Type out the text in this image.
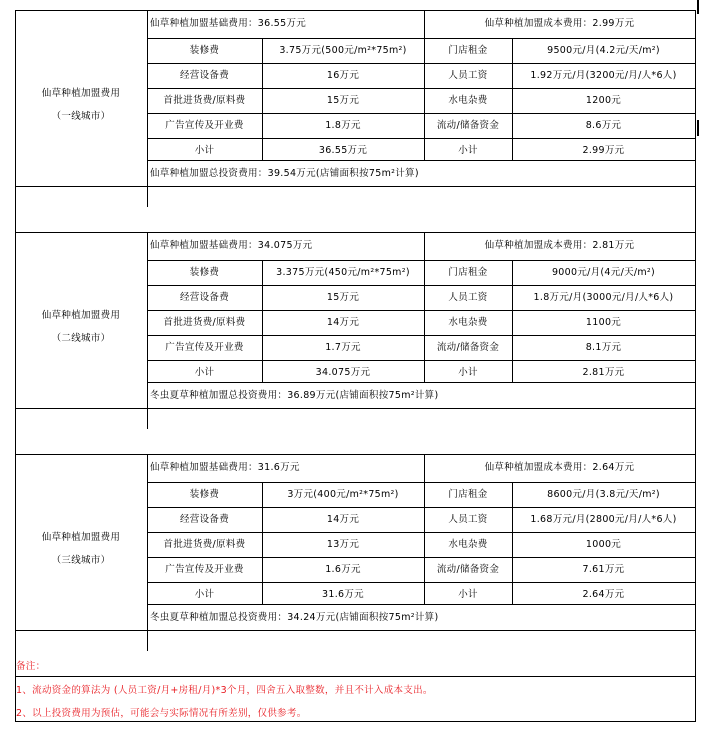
仙草种植加盟费用
（一线城市）
仙草种植加盟基础费用：36.55万元	仙草种植加盟成本费用：2.99万元
装修费	3.75万元(500元/m²*75m²)	门店租金	9500元/月(4.2元/天/m²)
经营设备费	16万元	人员工资	1.92万元/月(3200元/月/人*6人)
首批进货费/原料费	15万元	水电杂费	1200元
广告宣传及开业费	1.8万元	流动/储备资金	8.6万元
小计	36.55万元	小计	2.99万元
仙草种植加盟总投资费用：39.54万元(店铺面积按75m²计算)
仙草种植加盟费用
（二线城市）
仙草种植加盟基础费用：34.075万元	仙草种植加盟成本费用：2.81万元
装修费	3.375万元(450元/m²*75m²)	门店租金	9000元/月(4元/天/m²)
经营设备费	15万元	人员工资	1.8万元/月(3000元/月/人*6人)
首批进货费/原料费	14万元	水电杂费	1100元
广告宣传及开业费	1.7万元	流动/储备资金	8.1万元
小计	34.075万元	小计	2.81万元
冬虫夏草种植加盟总投资费用：36.89万元(店铺面积按75m²计算)
仙草种植加盟费用
（三线城市）
仙草种植加盟基础费用：31.6万元	仙草种植加盟成本费用：2.64万元
装修费	3万元(400元/m²*75m²)	门店租金	8600元/月(3.8元/天/m²)
经营设备费	14万元	人员工资	1.68万元/月(2800元/月/人*6人)
首批进货费/原料费	13万元	水电杂费	1000元
广告宣传及开业费	1.6万元	流动/储备资金	7.61万元
小计	31.6万元	小计	2.64万元
冬虫夏草种植加盟总投资费用：34.24万元(店铺面积按75m²计算)
备注：
1、流动资金的算法为 (人员工资/月+房租/月)*3个月，四舍五入取整数，并且不计入成本支出。
2、以上投资费用为预估，可能会与实际情况有所差别，仅供参考。
